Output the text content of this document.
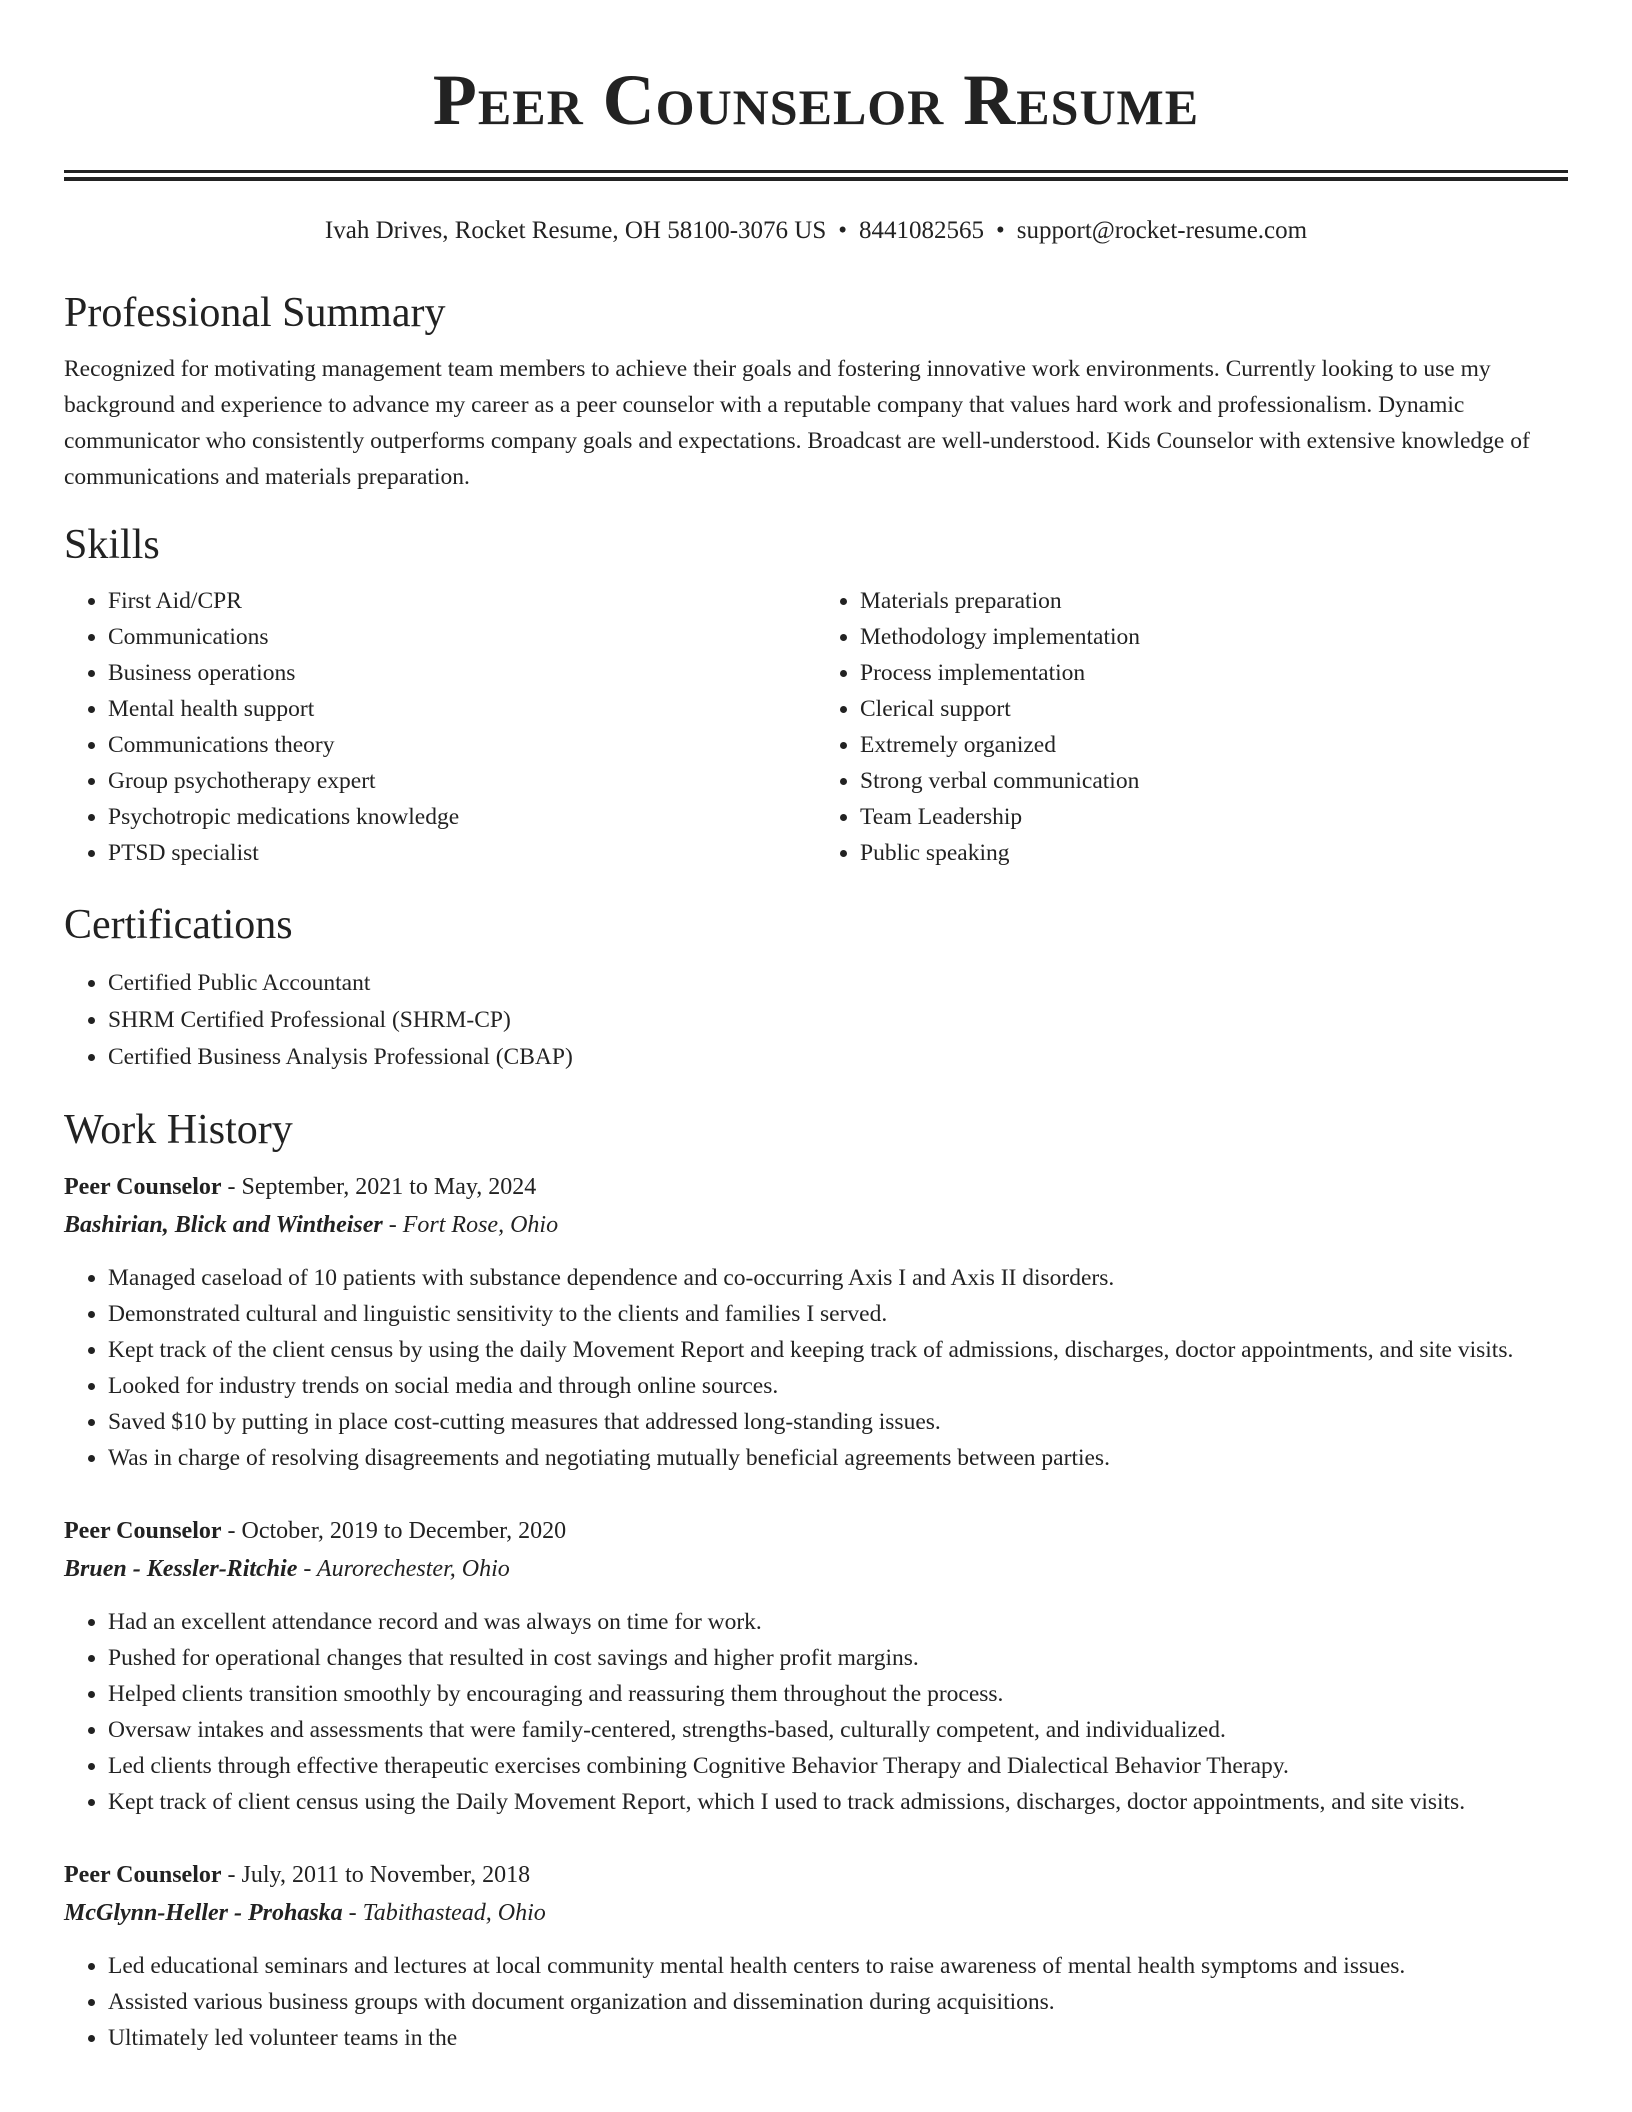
Peer Counselor Resume
Ivah Drives, Rocket Resume, OH 58100-3076 US • 8441082565 • support@rocket-resume.com
Professional Summary

Recognized for motivating management team members to achieve their goals and fostering innovative work environments. Currently looking to use my background and experience to advance my career as a peer counselor with a reputable company that values hard work and professionalism. Dynamic communicator who consistently outperforms company goals and expectations. Broadcast are well-understood. Kids Counselor with extensive knowledge of communications and materials preparation.

Skills
• First Aid/CPR
• Communications
• Business operations
• Mental health support
• Communications theory
• Group psychotherapy expert
• Psychotropic medications knowledge
• PTSD specialist
• Materials preparation
• Methodology implementation
• Process implementation
• Clerical support
• Extremely organized
• Strong verbal communication
• Team Leadership
• Public speaking
Certifications
• Certified Public Accountant
• SHRM Certified Professional (SHRM-CP)
• Certified Business Analysis Professional (CBAP)
Work History
Peer Counselor - September, 2021 to May, 2024
Bashirian, Blick and Wintheiser - Fort Rose, Ohio
• Managed caseload of 10 patients with substance dependence and co-occurring Axis I and Axis II disorders.
• Demonstrated cultural and linguistic sensitivity to the clients and families I served.
• Kept track of the client census by using the daily Movement Report and keeping track of admissions, discharges, doctor appointments, and site visits.
• Looked for industry trends on social media and through online sources.
• Saved $10 by putting in place cost-cutting measures that addressed long-standing issues.
• Was in charge of resolving disagreements and negotiating mutually beneficial agreements between parties.
Peer Counselor - October, 2019 to December, 2020
Bruen - Kessler-Ritchie - Aurorechester, Ohio
• Had an excellent attendance record and was always on time for work.
• Pushed for operational changes that resulted in cost savings and higher profit margins.
• Helped clients transition smoothly by encouraging and reassuring them throughout the process.
• Oversaw intakes and assessments that were family-centered, strengths-based, culturally competent, and individualized.
• Led clients through effective therapeutic exercises combining Cognitive Behavior Therapy and Dialectical Behavior Therapy.
• Kept track of client census using the Daily Movement Report, which I used to track admissions, discharges, doctor appointments, and site visits.
Peer Counselor - July, 2011 to November, 2018
McGlynn-Heller - Prohaska - Tabithastead, Ohio
• Led educational seminars and lectures at local community mental health centers to raise awareness of mental health symptoms and issues.
• Assisted various business groups with document organization and dissemination during acquisitions.
• Ultimately led volunteer teams in the
